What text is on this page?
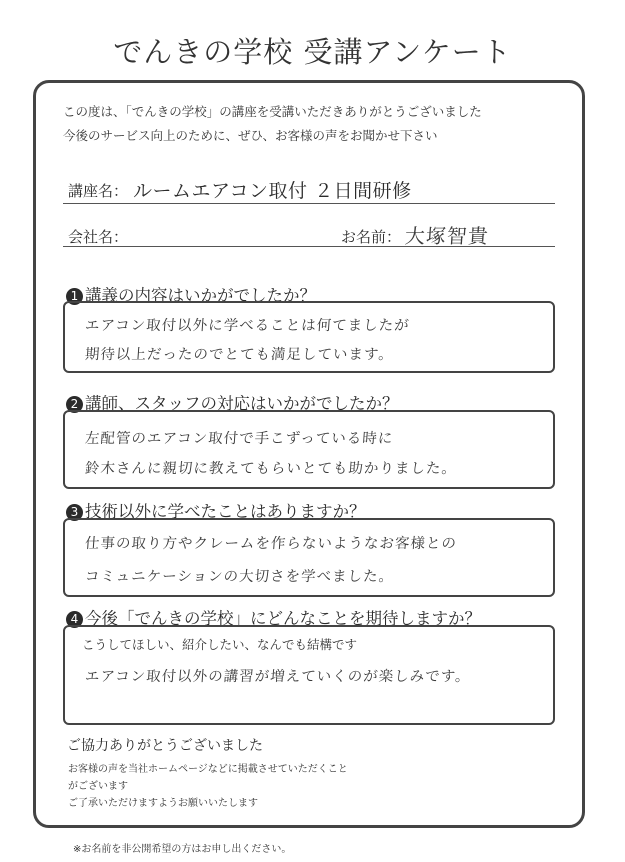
でんきの学校 受講アンケート
この度は、「でんきの学校」の講座を受講いただきありがとうございました
今後のサービス向上のために、ぜひ、お客様の声をお聞かせ下さい
講座名： ルームエアコン取付 ２日間研修
会社名：	お名前： 大塚智貴
1 講義の内容はいかがでしたか？
エアコン取付以外に学べることは何てましたが
期待以上だったのでとても満足しています。
2 講師、スタッフの対応はいかがでしたか？
左配管のエアコン取付で手こずっている時に
鈴木さんに親切に教えてもらいとても助かりました。
3 技術以外に学べたことはありますか？
仕事の取り方やクレームを作らないようなお客様との
コミュニケーションの大切さを学べました。
4 今後「でんきの学校」にどんなことを期待しますか？
こうしてほしい、紹介したい、なんでも結構です
エアコン取付以外の講習が増えていくのが楽しみです。
ご協力ありがとうございました
お客様の声を当社ホームページなどに掲載させていただくこと
がございます
ご了承いただけますようお願いいたします
※お名前を非公開希望の方はお申し出ください。
